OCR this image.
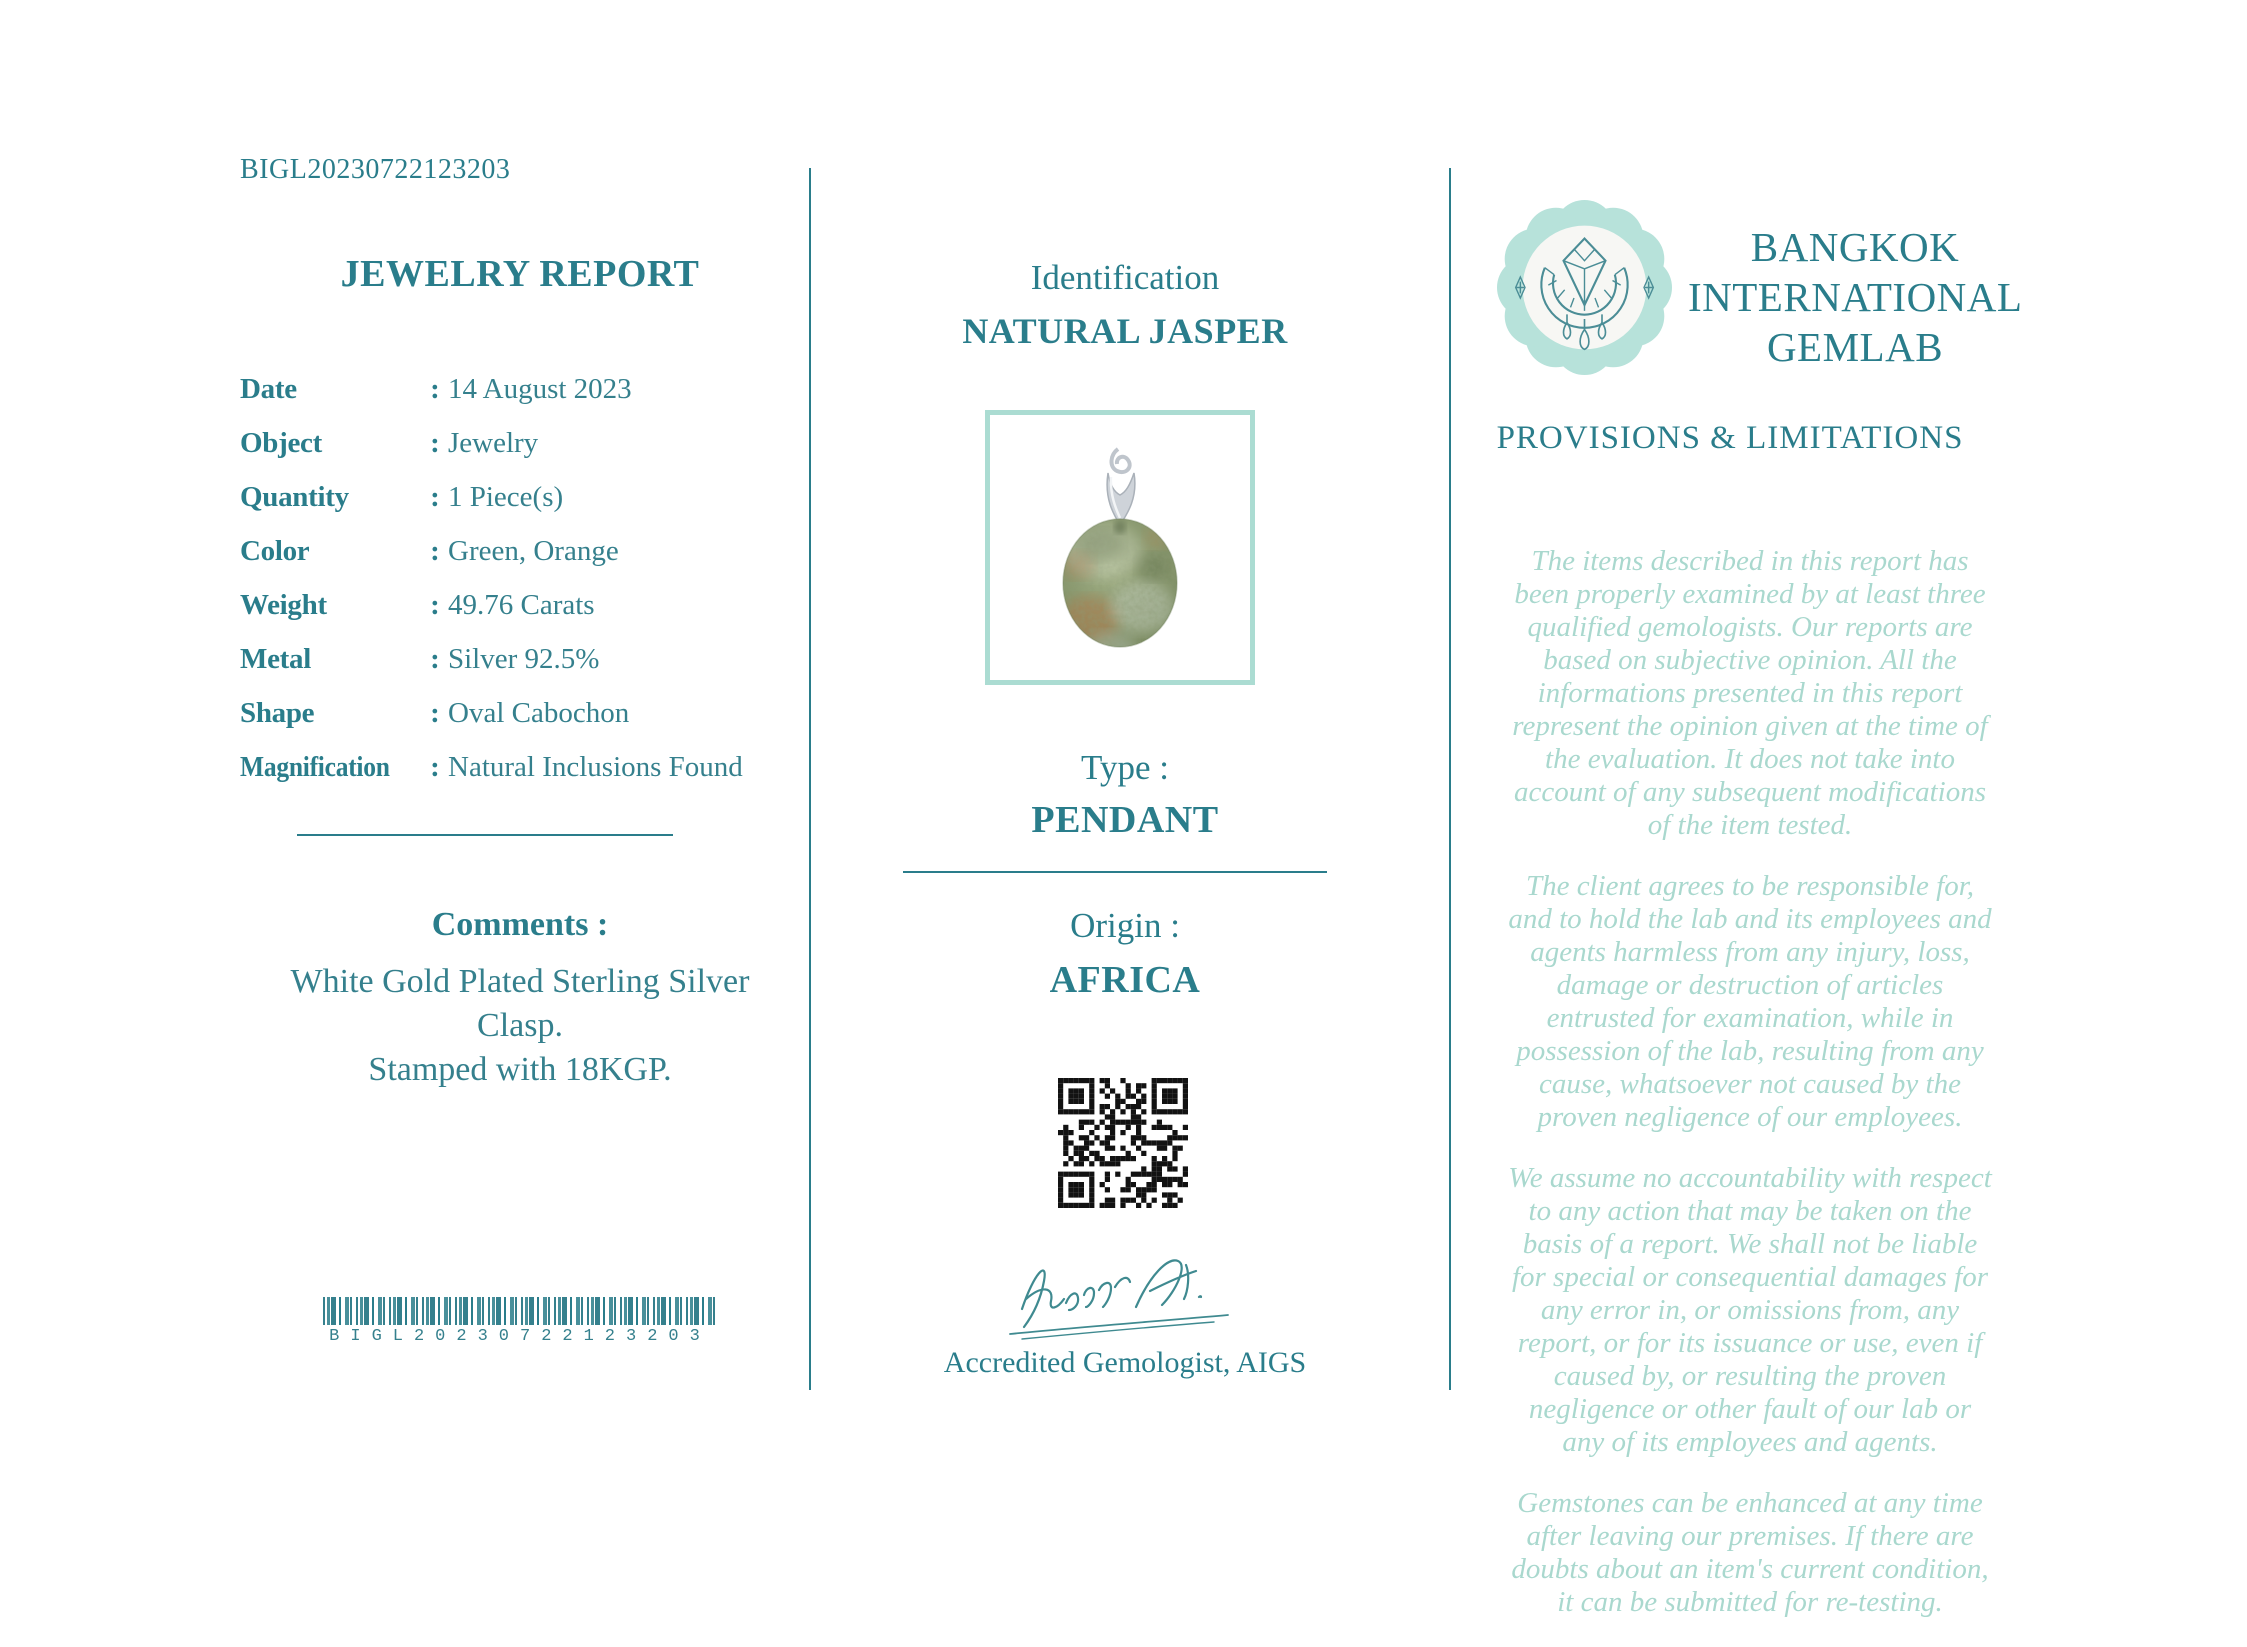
BIGL20230722123203
JEWELRY REPORT
Date	: 14 August 2023
Object	: Jewelry
Quantity	: 1 Piece(s)
Color	: Green, Orange
Weight	: 49.76 Carats
Metal	: Silver 92.5%
Shape	: Oval Cabochon
Magnification	: Natural Inclusions Found
Comments :
White Gold Plated Sterling Silver Clasp.
Stamped with 18KGP.
BIGL20230722123203
Identification
NATURAL JASPER
Type :
PENDANT
Origin :
AFRICA
Accredited Gemologist, AIGS
BANGKOK
INTERNATIONAL
GEMLAB
PROVISIONS & LIMITATIONS

The items described in this report has been properly examined by at least three qualified gemologists. Our reports are based on subjective opinion. All the informations presented in this report represent the opinion given at the time of the evaluation. It does not take into account of any subsequent modifications of the item tested.

The client agrees to be responsible for, and to hold the lab and its employees and agents harmless from any injury, loss, damage or destruction of articles entrusted for examination, while in possession of the lab, resulting from any cause, whatsoever not caused by the proven negligence of our employees.

We assume no accountability with respect to any action that may be taken on the basis of a report. We shall not be liable for special or consequential damages for any error in, or omissions from, any report, or for its issuance or use, even if caused by, or resulting the proven negligence or other fault of our lab or any of its employees and agents.

Gemstones can be enhanced at any time after leaving our premises. If there are doubts about an item's current condition, it can be submitted for re-testing.
